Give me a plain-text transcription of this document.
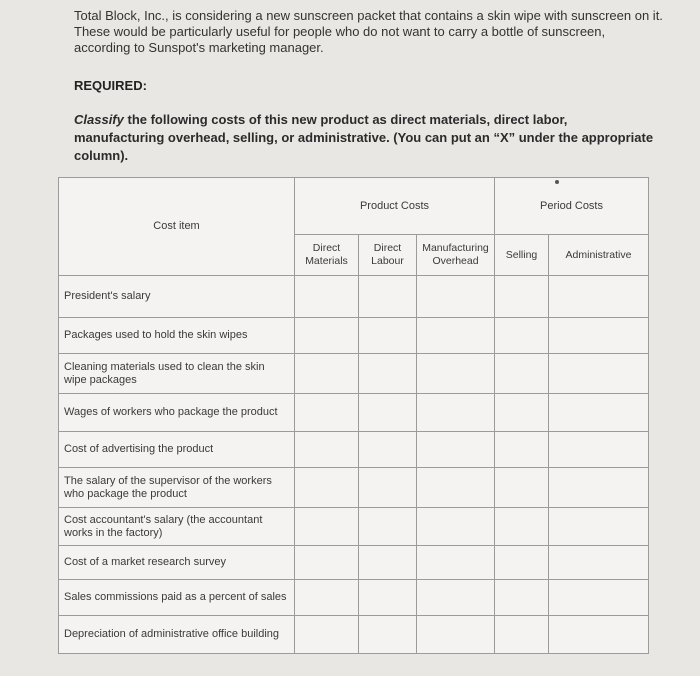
Total Block, Inc., is considering a new sunscreen packet that contains a skin wipe with sunscreen on it. These would be particularly useful for people who do not want to carry a bottle of sunscreen, according to Sunspot's marketing manager.
REQUIRED:
Classify the following costs of this new product as direct materials, direct labor, manufacturing overhead, selling, or administrative. (You can put an “X” under the appropriate column).
Cost item	Product Costs			Period Costs	
	Direct Materials	Direct Labour	Manufacturing Overhead	Selling	Administrative
President's salary					
Packages used to hold the skin wipes					
Cleaning materials used to clean the skin wipe packages					
Wages of workers who package the product					
Cost of advertising the product					
The salary of the supervisor of the workers who package the product					
Cost accountant's salary (the accountant works in the factory)					
Cost of a market research survey					
Sales commissions paid as a percent of sales					
Depreciation of administrative office building					
